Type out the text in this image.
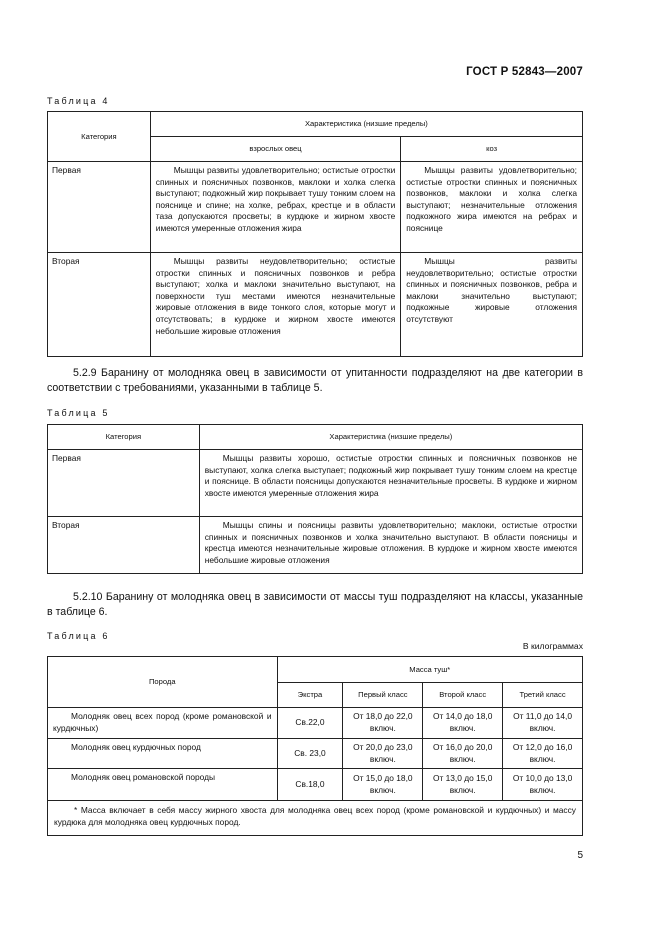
ГОСТ Р 52843—2007
Таблица 4
Категория	Характеристика (низшие пределы)	
	взрослых овец	коз
Первая	Мышцы развиты удовлетворительно; остистые отростки спинных и поясничных позвонков, маклоки и холка слегка выступают; подкожный жир покрывает тушу тонким слоем на пояснице и спине; на холке, ребрах, крестце и в области таза допускаются просветы; в курдюке и жирном хвосте имеются умеренные отложения жира	Мышцы развиты удовлетворительно; остистые отростки спинных и поясничных позвонков, маклоки и холка слегка выступают; незначительные отложения подкожного жира имеются на ребрах и пояснице
Вторая	Мышцы развиты неудовлетворительно; остистые отростки спинных и поясничных позвонков и ребра выступают; холка и маклоки значительно выступают, на поверхности туш местами имеются незначительные жировые отложения в виде тонкого слоя, которые могут и отсутствовать; в курдюке и жирном хвосте имеются небольшие жировые отложения	Мышцы развиты неудовлетворительно; остистые отростки спинных и поясничных позвонков, ребра и маклоки значительно выступают; подкожные жировые отложения отсутствуют
5.2.9 Баранину от молодняка овец в зависимости от упитанности подразделяют на две категории в соответствии с требованиями, указанными в таблице 5.
Таблица 5
Категория	Характеристика (низшие пределы)
Первая	Мышцы развиты хорошо, остистые отростки спинных и поясничных позвонков не выступают, холка слегка выступает; подкожный жир покрывает тушу тонким слоем на крестце и пояснице. В области поясницы допускаются незначительные просветы. В курдюке и жирном хвосте имеются умеренные отложения жира
Вторая	Мышцы спины и поясницы развиты удовлетворительно; маклоки, остистые отростки спинных и поясничных позвонков и холка значительно выступают. В области поясницы и крестца имеются незначительные жировые отложения. В курдюке и жирном хвосте имеются небольшие жировые отложения
5.2.10 Баранину от молодняка овец в зависимости от массы туш подразделяют на классы, указанные в таблице 6.
Таблица 6
В килограммах
Порода	Масса туш*			
	Экстра	Первый класс	Второй класс	Третий класс
Молодняк овец всех пород (кроме романовской и курдючных)	Св.22,0	От 18,0 до 22,0 включ.	От 14,0 до 18,0 включ.	От 11,0 до 14,0 включ.
Молодняк овец курдючных пород	Св. 23,0	От 20,0 до 23,0 включ.	От 16,0 до 20,0 включ.	От 12,0 до 16,0 включ.
Молодняк овец романовской породы	Св.18,0	От 15,0 до 18,0 включ.	От 13,0 до 15,0 включ.	От 10,0 до 13,0 включ.
* Масса включает в себя массу жирного хвоста для молодняка овец всех пород (кроме романовской и курдючных) и массу курдюка для молодняка овец курдючных пород.				
5
